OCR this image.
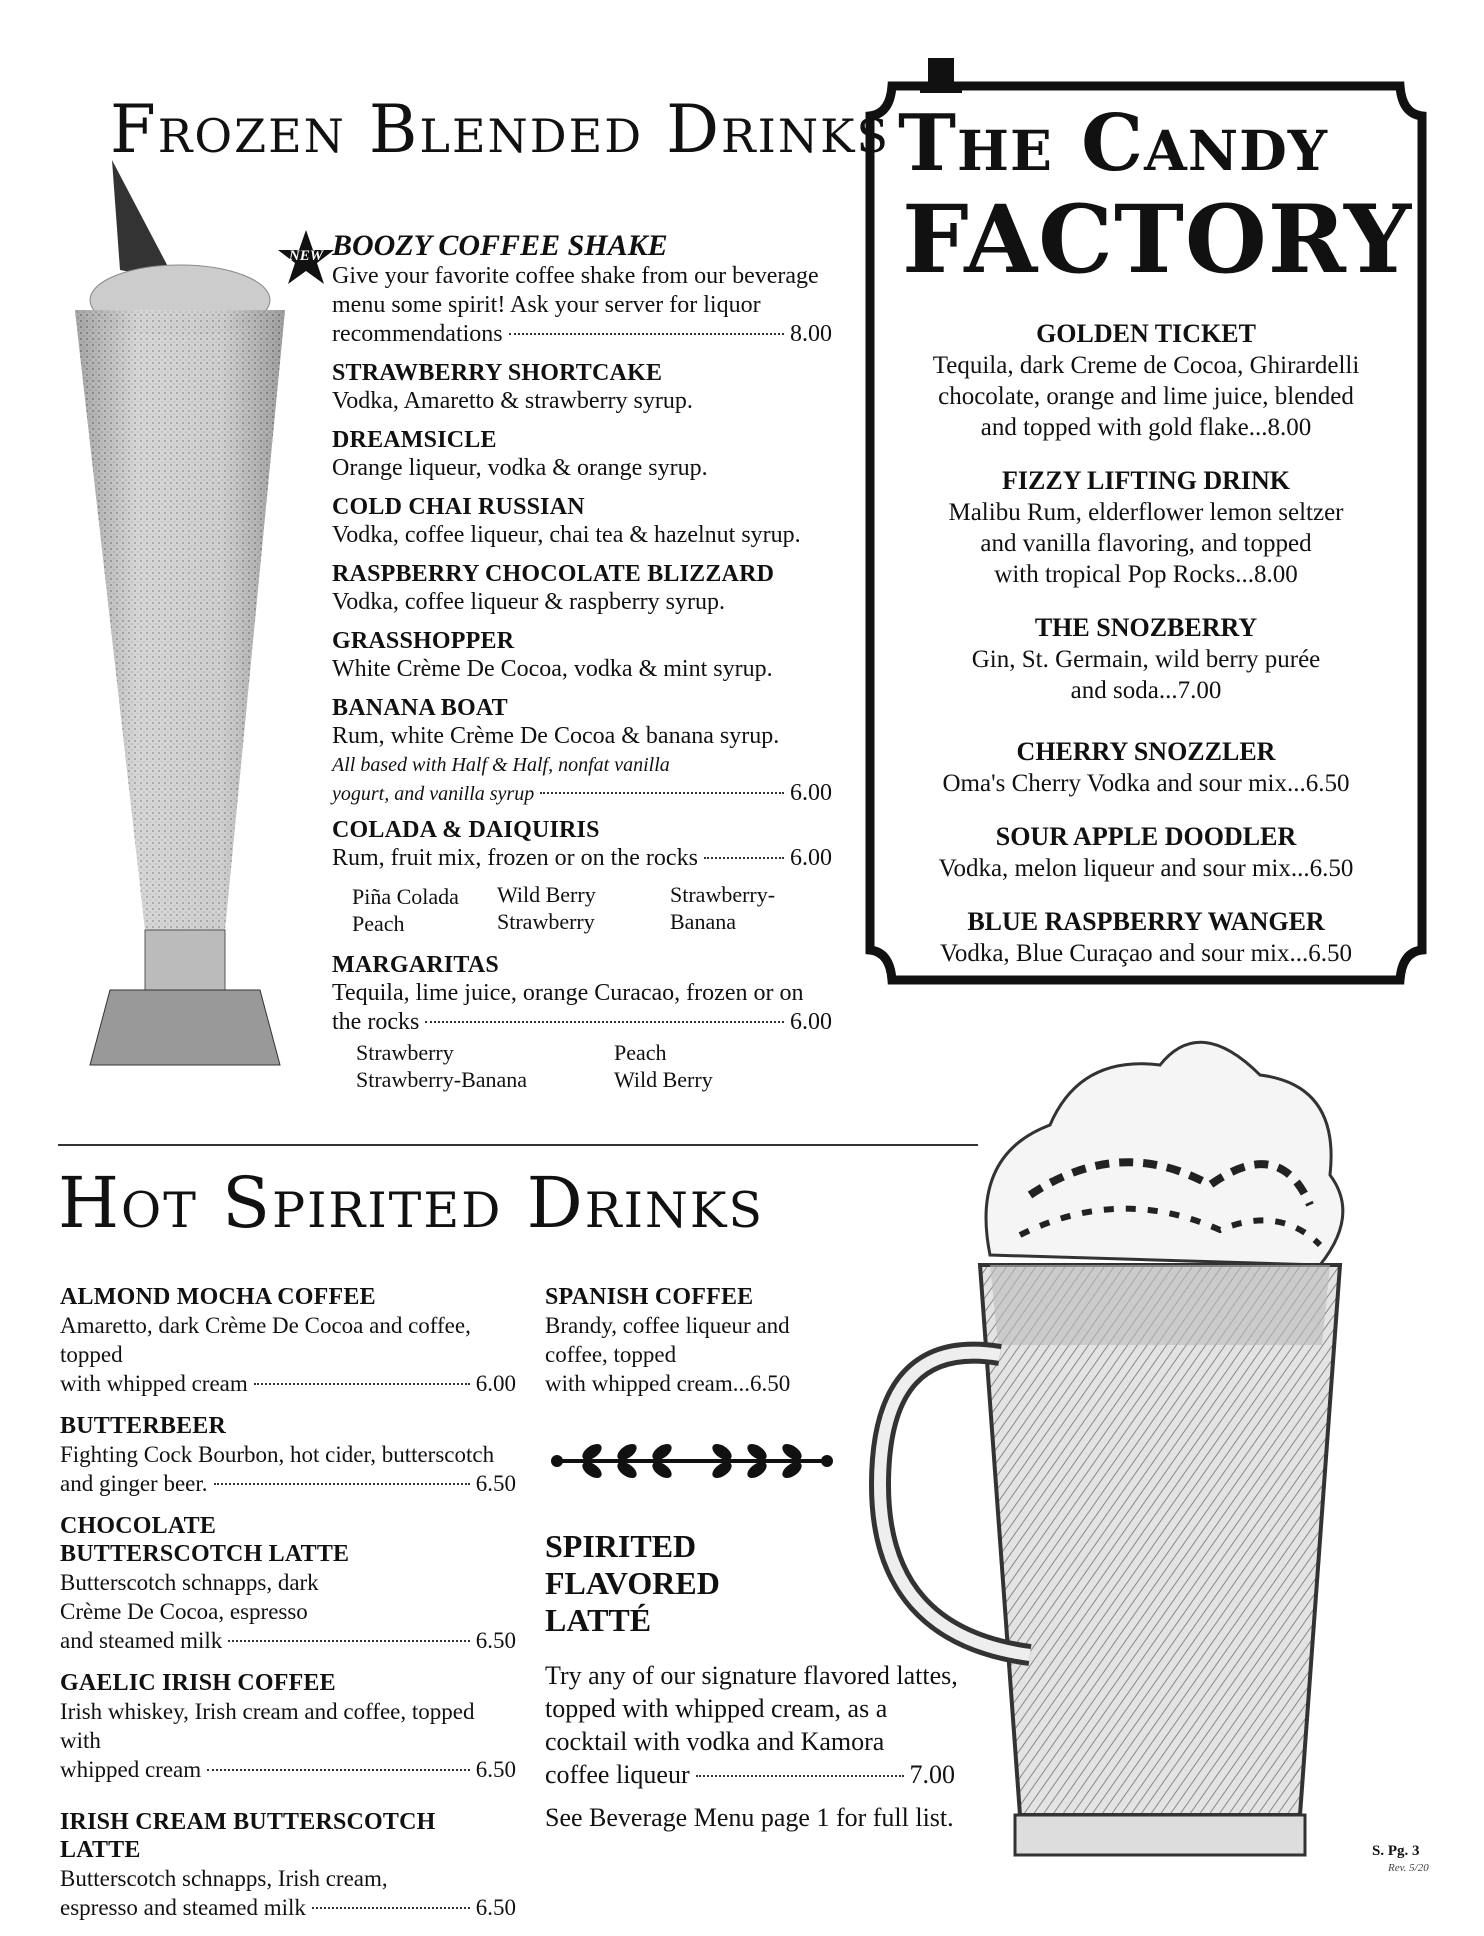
Frozen Blended Drinks
NEW BOOZY COFFEE SHAKE
Give your favorite coffee shake from our beverage menu some spirit! Ask your server for liquor
recommendations	8.00
STRAWBERRY SHORTCAKE
Vodka, Amaretto & strawberry syrup.
DREAMSICLE
Orange liqueur, vodka & orange syrup.
COLD CHAI RUSSIAN
Vodka, coffee liqueur, chai tea & hazelnut syrup.
RASPBERRY CHOCOLATE BLIZZARD
Vodka, coffee liqueur & raspberry syrup.
GRASSHOPPER
White Crème De Cocoa, vodka & mint syrup.
BANANA BOAT
Rum, white Crème De Cocoa & banana syrup.
All based with Half & Half, nonfat vanilla
yogurt, and vanilla syrup	6.00
COLADA & DAIQUIRIS
Rum, fruit mix, frozen or on the rocks	6.00
Piña Colada
Peach
Wild Berry
Strawberry
Strawberry-Banana
MARGARITAS
Tequila, lime juice, orange Curacao, frozen or on
the rocks	6.00
Strawberry
Strawberry-Banana
Peach
Wild Berry
The Candy
FACTORY
GOLDEN TICKET
Tequila, dark Creme de Cocoa, Ghirardelli
chocolate, orange and lime juice, blended
and topped with gold flake...8.00
FIZZY LIFTING DRINK
Malibu Rum, elderflower lemon seltzer
and vanilla flavoring, and topped
with tropical Pop Rocks...8.00
THE SNOZBERRY
Gin, St. Germain, wild berry purée
and soda...7.00
CHERRY SNOZZLER
Oma's Cherry Vodka and sour mix...6.50
SOUR APPLE DOODLER
Vodka, melon liqueur and sour mix...6.50
BLUE RASPBERRY WANGER
Vodka, Blue Curaçao and sour mix...6.50
Hot Spirited Drinks
ALMOND MOCHA COFFEE
Amaretto, dark Crème De Cocoa and coffee, topped
with whipped cream	6.00
BUTTERBEER
Fighting Cock Bourbon, hot cider, butterscotch
and ginger beer.	6.50
CHOCOLATE
BUTTERSCOTCH LATTE
Butterscotch schnapps, dark Crème De Cocoa, espresso
and steamed milk	6.50
GAELIC IRISH COFFEE
Irish whiskey, Irish cream and coffee, topped with
whipped cream	6.50
IRISH CREAM BUTTERSCOTCH LATTE
Butterscotch schnapps, Irish cream,
espresso and steamed milk	6.50
SPANISH COFFEE
Brandy, coffee liqueur and
coffee, topped
with whipped cream...6.50
SPIRITED
FLAVORED
LATTÉ
Try any of our signature flavored lattes,
topped with whipped cream, as a
cocktail with vodka and Kamora
coffee liqueur	7.00
See Beverage Menu page 1 for full list.
S. Pg. 3
Rev. 5/20
